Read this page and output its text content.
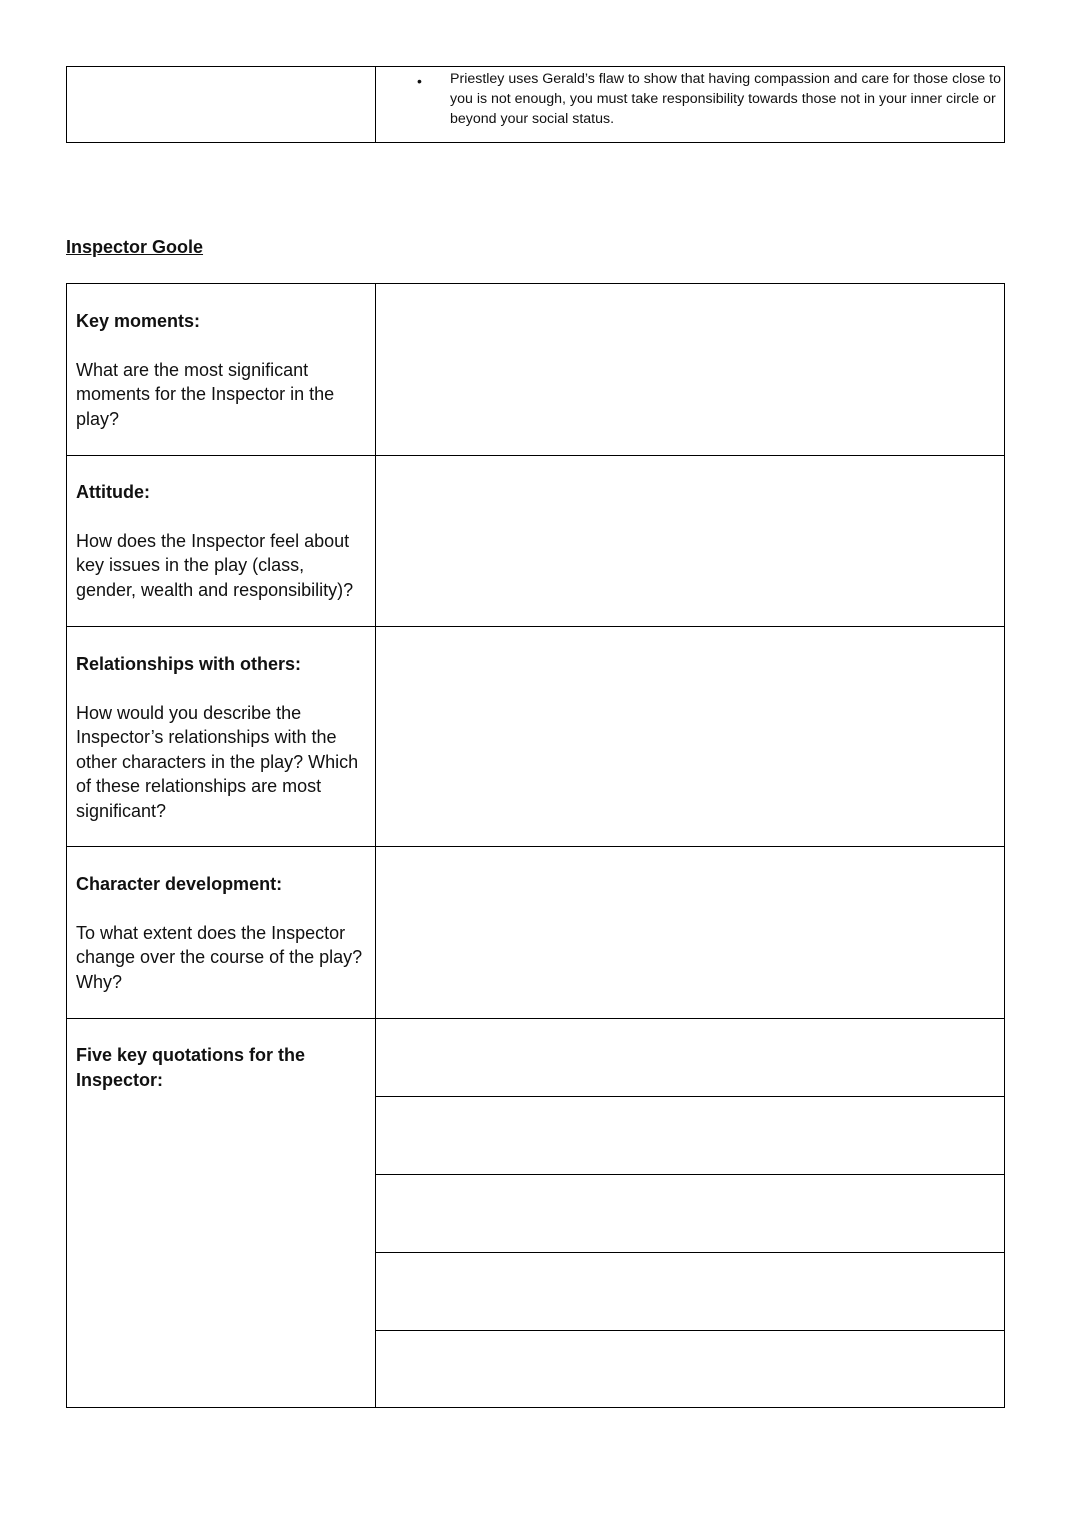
• Priestley uses Gerald’s flaw to show that having compassion and care for those close to you is not enough, you must take responsibility towards those not in your inner circle or beyond your social status.
Inspector Goole
Key moments:
What are the most significant moments for the Inspector in the play?
Attitude:
How does the Inspector feel about key issues in the play (class, gender, wealth and responsibility)?
Relationships with others:
How would you describe the Inspector’s relationships with the other characters in the play? Which of these relationships are most significant?
Character development:
To what extent does the Inspector change over the course of the play? Why?
Five key quotations for the Inspector:
